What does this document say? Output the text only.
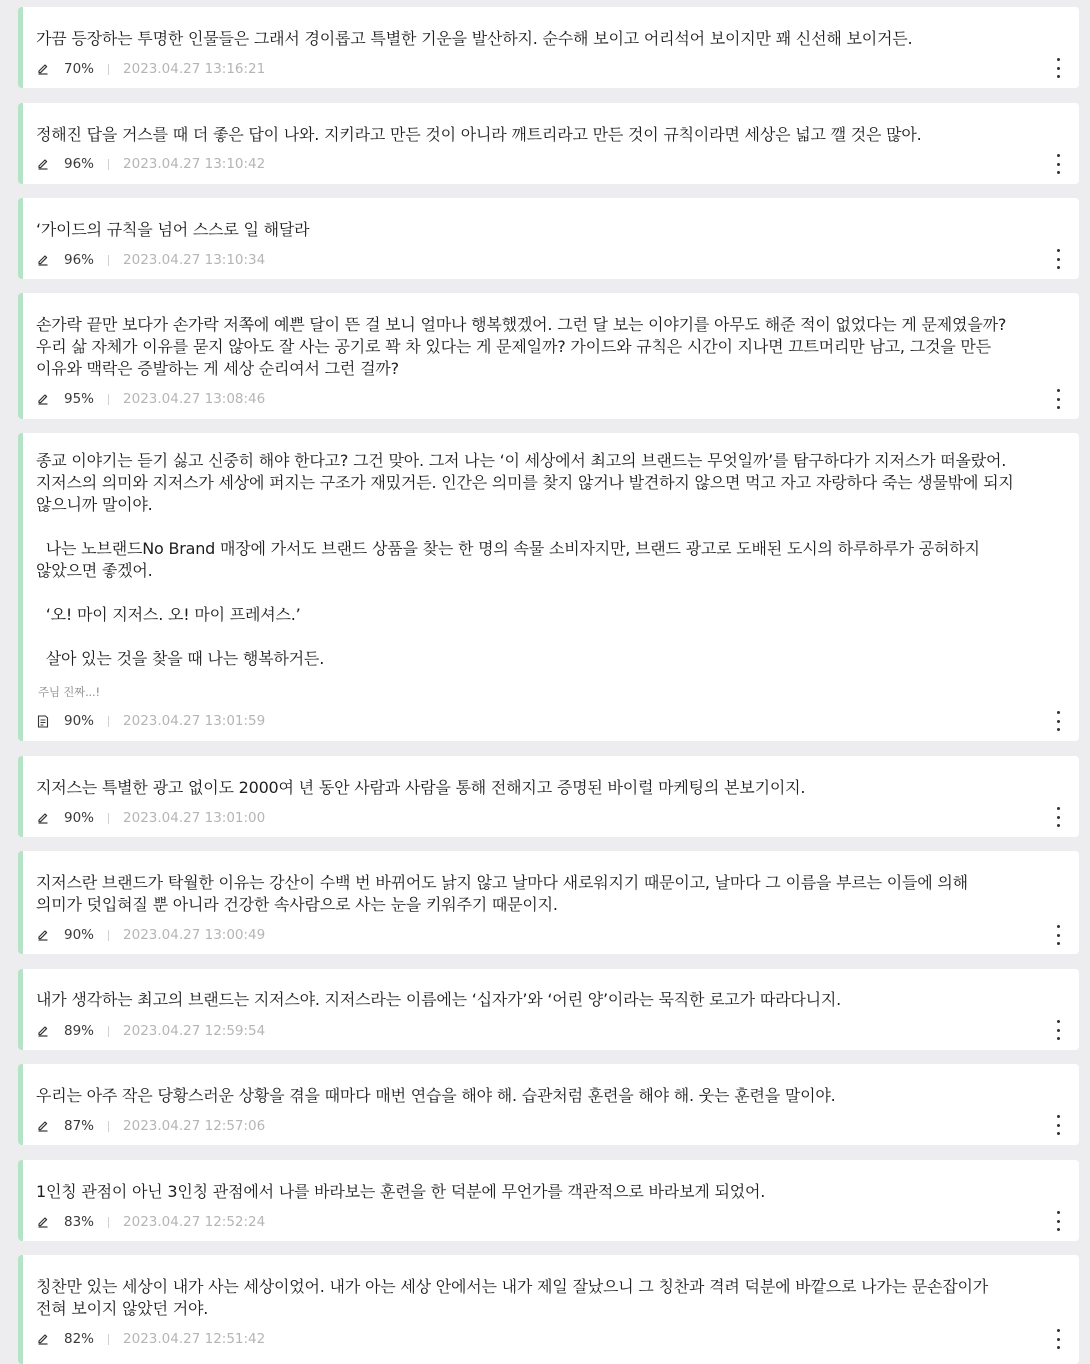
가끔 등장하는 투명한 인물들은 그래서 경이롭고 특별한 기운을 발산하지. 순수해 보이고 어리석어 보이지만 꽤 신선해 보이거든.

70% 2023.04.27 13:16:21

정해진 답을 거스를 때 더 좋은 답이 나와. 지키라고 만든 것이 아니라 깨트리라고 만든 것이 규칙이라면 세상은 넓고 깰 것은 많아.

96% 2023.04.27 13:10:42

‘가이드의 규칙을 넘어 스스로 일 해달라

96% 2023.04.27 13:10:34

손가락 끝만 보다가 손가락 저쪽에 예쁜 달이 뜬 걸 보니 얼마나 행복했겠어. 그런 달 보는 이야기를 아무도 해준 적이 없었다는 게 문제였을까?
우리 삶 자체가 이유를 묻지 않아도 잘 사는 공기로 꽉 차 있다는 게 문제일까? 가이드와 규칙은 시간이 지나면 끄트머리만 남고, 그것을 만든
이유와 맥락은 증발하는 게 세상 순리여서 그런 걸까?

95% 2023.04.27 13:08:46

종교 이야기는 듣기 싫고 신중히 해야 한다고? 그건 맞아. 그저 나는 ‘이 세상에서 최고의 브랜드는 무엇일까’를 탐구하다가 지저스가 떠올랐어.
지저스의 의미와 지저스가 세상에 퍼지는 구조가 재밌거든. 인간은 의미를 찾지 않거나 발견하지 않으면 먹고 자고 자랑하다 죽는 생물밖에 되지
않으니까 말이야.

나는 노브랜드No Brand 매장에 가서도 브랜드 상품을 찾는 한 명의 속물 소비자지만, 브랜드 광고로 도배된 도시의 하루하루가 공허하지
않았으면 좋겠어.

‘오! 마이 지저스. 오! 마이 프레셔스.’

살아 있는 것을 찾을 때 나는 행복하거든.

주님 진짜...!
90% 2023.04.27 13:01:59

지저스는 특별한 광고 없이도 2000여 년 동안 사람과 사람을 통해 전해지고 증명된 바이럴 마케팅의 본보기이지.

90% 2023.04.27 13:01:00

지저스란 브랜드가 탁월한 이유는 강산이 수백 번 바뀌어도 낡지 않고 날마다 새로워지기 때문이고, 날마다 그 이름을 부르는 이들에 의해
의미가 덧입혀질 뿐 아니라 건강한 속사람으로 사는 눈을 키워주기 때문이지.

90% 2023.04.27 13:00:49

내가 생각하는 최고의 브랜드는 지저스야. 지저스라는 이름에는 ‘십자가’와 ‘어린 양’이라는 묵직한 로고가 따라다니지.

89% 2023.04.27 12:59:54

우리는 아주 작은 당황스러운 상황을 겪을 때마다 매번 연습을 해야 해. 습관처럼 훈련을 해야 해. 웃는 훈련을 말이야.

87% 2023.04.27 12:57:06

1인칭 관점이 아닌 3인칭 관점에서 나를 바라보는 훈련을 한 덕분에 무언가를 객관적으로 바라보게 되었어.

83% 2023.04.27 12:52:24

칭찬만 있는 세상이 내가 사는 세상이었어. 내가 아는 세상 안에서는 내가 제일 잘났으니 그 칭찬과 격려 덕분에 바깥으로 나가는 문손잡이가
전혀 보이지 않았던 거야.

82% 2023.04.27 12:51:42
